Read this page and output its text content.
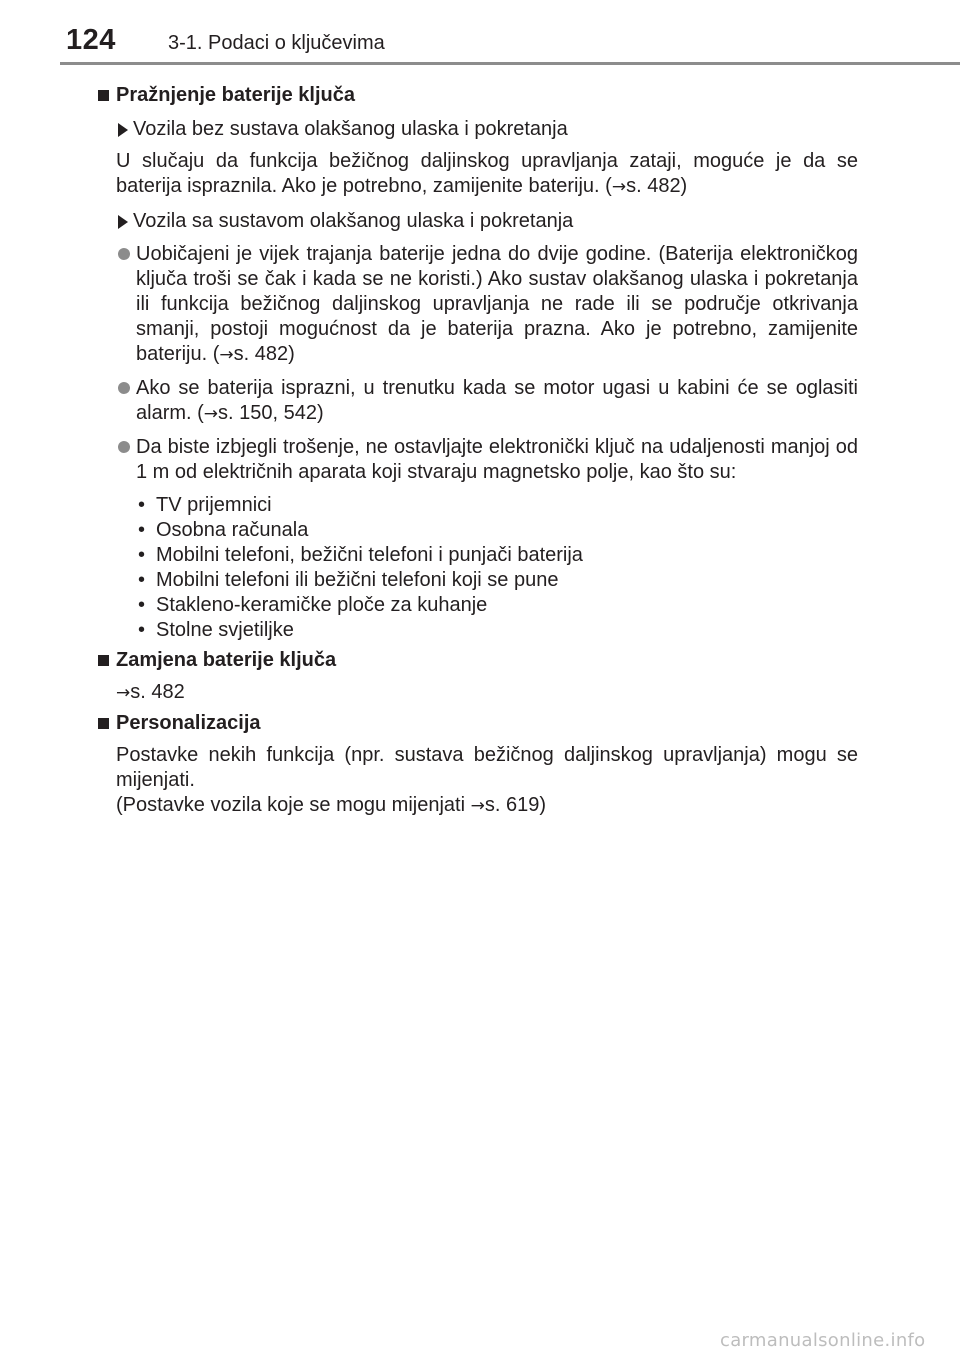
124	3-1. Podaci o ključevima
Pražnjenje baterije ključa
Vozila bez sustava olakšanog ulaska i pokretanja
U slučaju da funkcija bežičnog daljinskog upravljanja zataji, moguće je da se baterija ispraznila. Ako je potrebno, zamijenite bateriju. (→s. 482)
Vozila sa sustavom olakšanog ulaska i pokretanja
Uobičajeni je vijek trajanja baterije jedna do dvije godine. (Baterija elektroničkog ključa troši se čak i kada se ne koristi.) Ako sustav olakšanog ulaska i pokretanja ili funkcija bežičnog daljinskog upravljanja ne rade ili se područje otkrivanja smanji, postoji mogućnost da je baterija prazna. Ako je potrebno, zamijenite bateriju. (→s. 482)
Ako se baterija isprazni, u trenutku kada se motor ugasi u kabini će se oglasiti alarm. (→s. 150, 542)
Da biste izbjegli trošenje, ne ostavljajte elektronički ključ na udaljenosti manjoj od 1 m od električnih aparata koji stvaraju magnetsko polje, kao što su:
• TV prijemnici
• Osobna računala
• Mobilni telefoni, bežični telefoni i punjači baterija
• Mobilni telefoni ili bežični telefoni koji se pune
• Stakleno-keramičke ploče za kuhanje
• Stolne svjetiljke
Zamjena baterije ključa
→s. 482
Personalizacija
Postavke nekih funkcija (npr. sustava bežičnog daljinskog upravljanja) mogu se mijenjati.
(Postavke vozila koje se mogu mijenjati →s. 619)
carmanualsonline.info
